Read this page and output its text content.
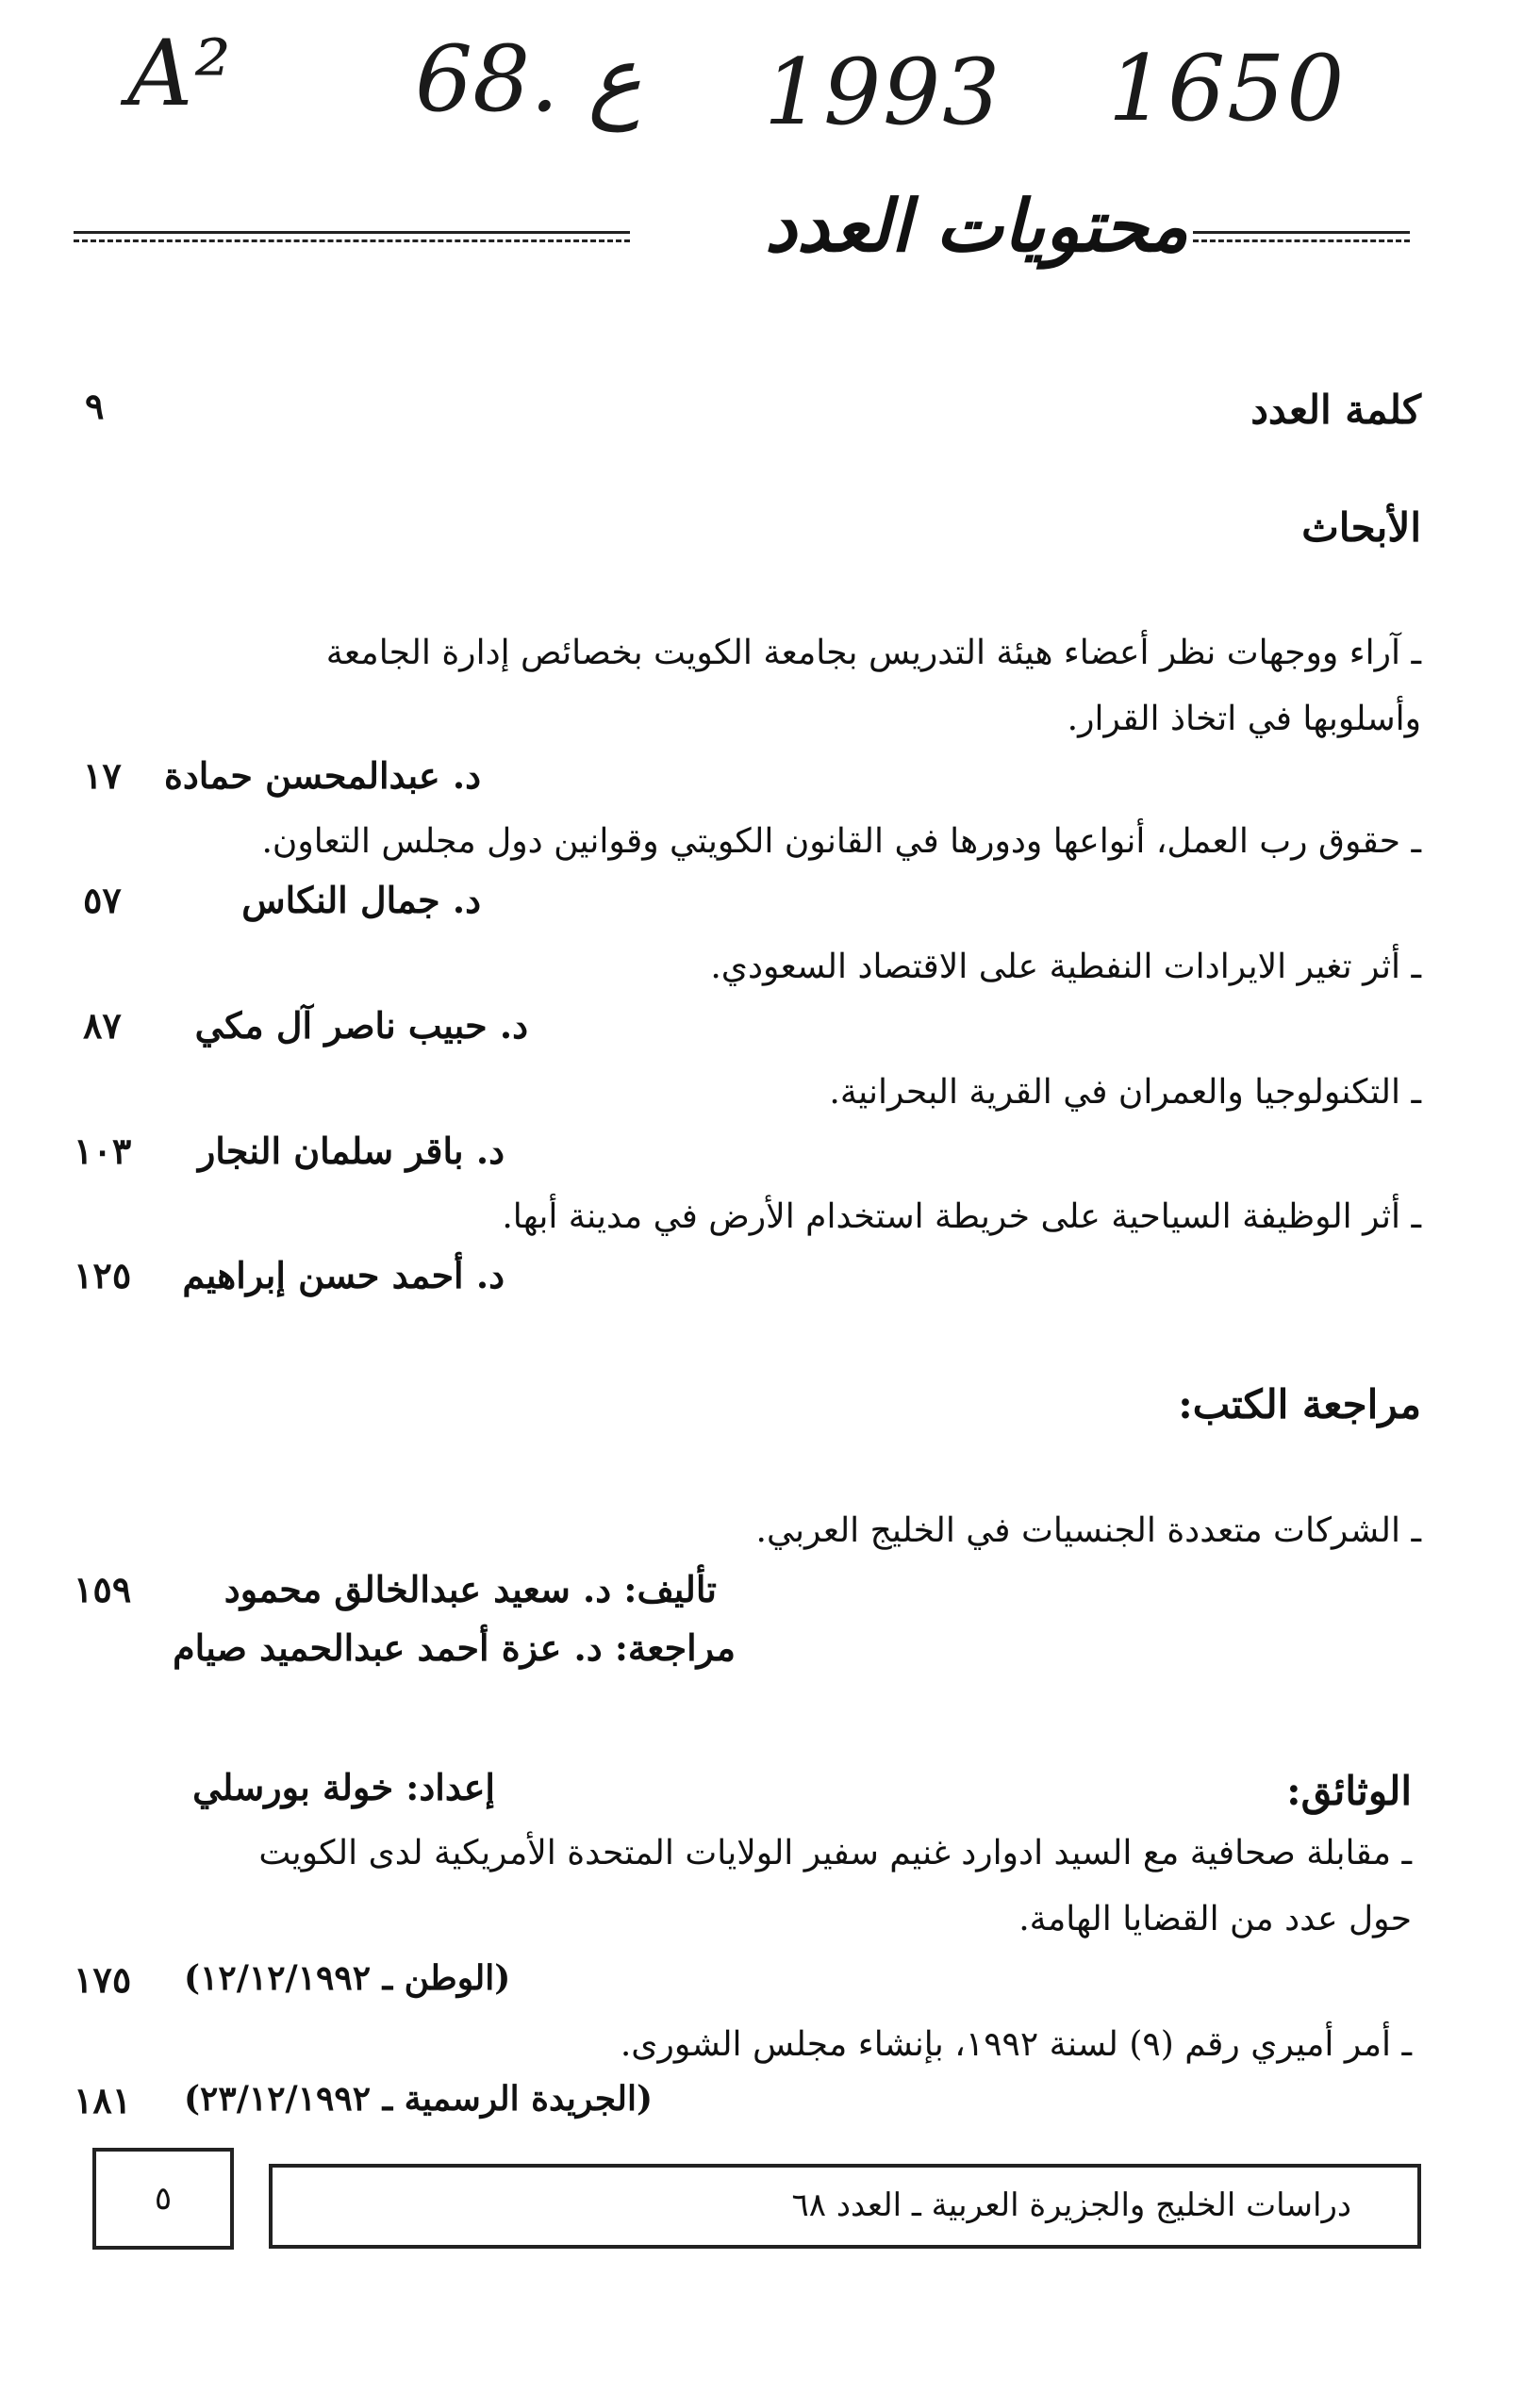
A² 68. ع 1993 1650
محتويات العدد
كلمة العدد
٩
الأبحاث
ـ آراء ووجهات نظر أعضاء هيئة التدريس بجامعة الكويت بخصائص إدارة الجامعة
وأسلوبها في اتخاذ القرار.
د. عبدالمحسن حمادة
١٧
ـ حقوق رب العمل، أنواعها ودورها في القانون الكويتي وقوانين دول مجلس التعاون.
د. جمال النكاس
٥٧
ـ أثر تغير الايرادات النفطية على الاقتصاد السعودي.
د. حبيب ناصر آل مكي
٨٧
ـ التكنولوجيا والعمران في القرية البحرانية.
د. باقر سلمان النجار
١٠٣
ـ أثر الوظيفة السياحية على خريطة استخدام الأرض في مدينة أبها.
د. أحمد حسن إبراهيم
١٢٥
مراجعة الكتب:
ـ الشركات متعددة الجنسيات في الخليج العربي.
تأليف: د. سعيد عبدالخالق محمود
١٥٩
مراجعة: د. عزة أحمد عبدالحميد صيام
الوثائق:
إعداد: خولة بورسلي
ـ مقابلة صحافية مع السيد ادوارد غنيم سفير الولايات المتحدة الأمريكية لدى الكويت
حول عدد من القضايا الهامة.
(الوطن ـ ١٢/١٢/١٩٩٢)
١٧٥
ـ أمر أميري رقم (٩) لسنة ١٩٩٢، بإنشاء مجلس الشورى.
(الجريدة الرسمية ـ ٢٣/١٢/١٩٩٢)
١٨١
٥	دراسات الخليج والجزيرة العربية ـ العدد ٦٨
